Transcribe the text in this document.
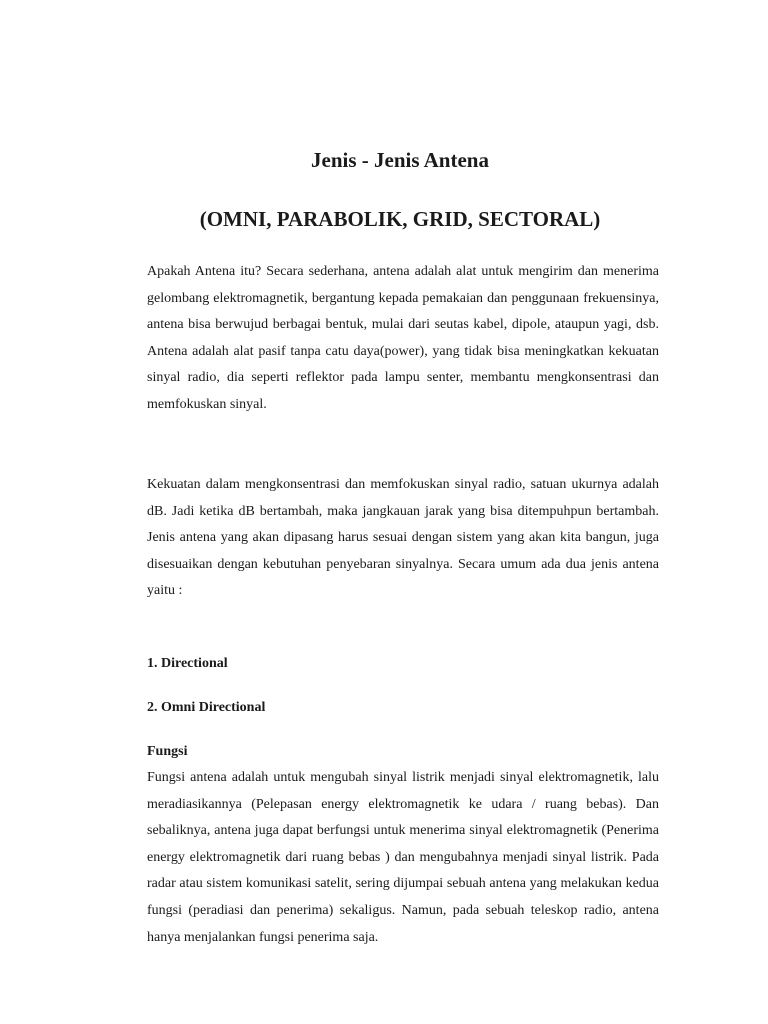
Jenis - Jenis Antena
(OMNI, PARABOLIK, GRID, SECTORAL)

Apakah Antena itu? Secara sederhana, antena adalah alat untuk mengirim dan menerima gelombang elektromagnetik, bergantung kepada pemakaian dan penggunaan frekuensinya, antena bisa berwujud berbagai bentuk, mulai dari seutas kabel, dipole, ataupun yagi, dsb. Antena adalah alat pasif tanpa catu daya(power), yang tidak bisa meningkatkan kekuatan sinyal radio, dia seperti reflektor pada lampu senter, membantu mengkonsentrasi dan memfokuskan sinyal.

Kekuatan dalam mengkonsentrasi dan memfokuskan sinyal radio, satuan ukurnya adalah dB. Jadi ketika dB bertambah, maka jangkauan jarak yang bisa ditempuhpun bertambah. Jenis antena yang akan dipasang harus sesuai dengan sistem yang akan kita bangun, juga disesuaikan dengan kebutuhan penyebaran sinyalnya. Secara umum ada dua jenis antena yaitu :

1. Directional
2. Omni Directional
Fungsi

Fungsi antena adalah untuk mengubah sinyal listrik menjadi sinyal elektromagnetik, lalu meradiasikannya (Pelepasan energy elektromagnetik ke udara / ruang bebas). Dan sebaliknya, antena juga dapat berfungsi untuk menerima sinyal elektromagnetik (Penerima energy elektromagnetik dari ruang bebas ) dan mengubahnya menjadi sinyal listrik. Pada radar atau sistem komunikasi satelit, sering dijumpai sebuah antena yang melakukan kedua fungsi (peradiasi dan penerima) sekaligus. Namun, pada sebuah teleskop radio, antena hanya menjalankan fungsi penerima saja.
